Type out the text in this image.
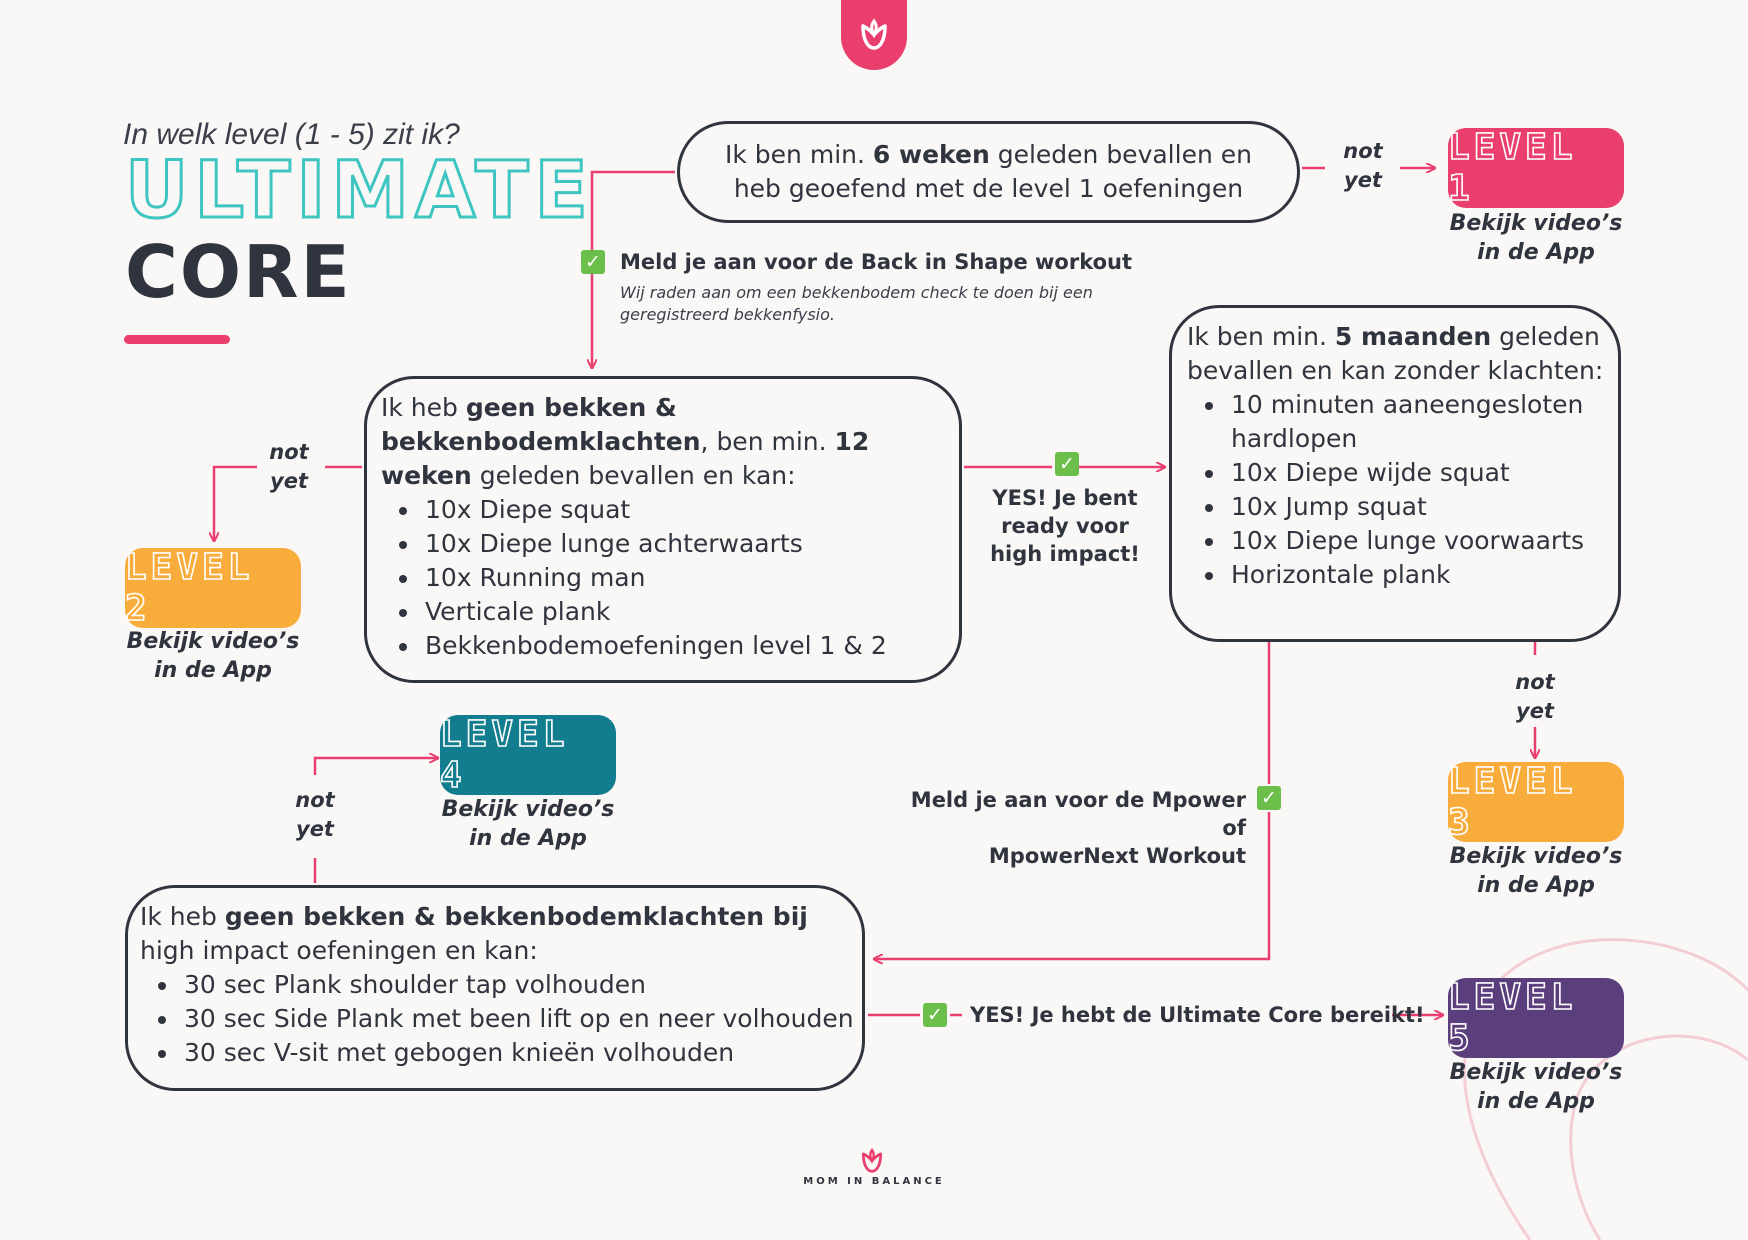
In welk level (1 - 5) zit ik?
ULTIMATE
CORE
Ik ben min. 6 weken geleden bevallen en heb geoefend met de level 1 oefeningen
Ik heb geen bekken & bekkenbodemklachten, ben min. 12 weken geleden bevallen en kan:
• 10x Diepe squat
• 10x Diepe lunge achterwaarts
• 10x Running man
• Verticale plank
• Bekkenbodemoefeningen level 1 & 2
Ik ben min. 5 maanden geleden bevallen en kan zonder klachten:
• 10 minuten aaneengesloten hardlopen
• 10x Diepe wijde squat
• 10x Jump squat
• 10x Diepe lunge voorwaarts
• Horizontale plank
Ik heb geen bekken & bekkenbodemklachten bij high impact oefeningen en kan:
• 30 sec Plank shoulder tap volhouden
• 30 sec Side Plank met been lift op en neer volhouden
• 30 sec V-sit met gebogen knieën volhouden
LEVEL 1
LEVEL 2
LEVEL 3
LEVEL 4
LEVEL 5
Bekijk video’s
in de App
Bekijk video’s
in de App
Bekijk video’s
in de App
Bekijk video’s
in de App
Bekijk video’s
in de App
not
yet
not
yet
not
yet
not
yet
✓
✓
✓
✓
Meld je aan voor de Back in Shape workout
Wij raden aan om een bekkenbodem check te doen bij een geregistreerd bekkenfysio.
YES! Je bent ready voor high impact!
Meld je aan voor de Mpower of
MpowerNext Workout
YES! Je hebt de Ultimate Core bereikt!
MOM IN BALANCE
